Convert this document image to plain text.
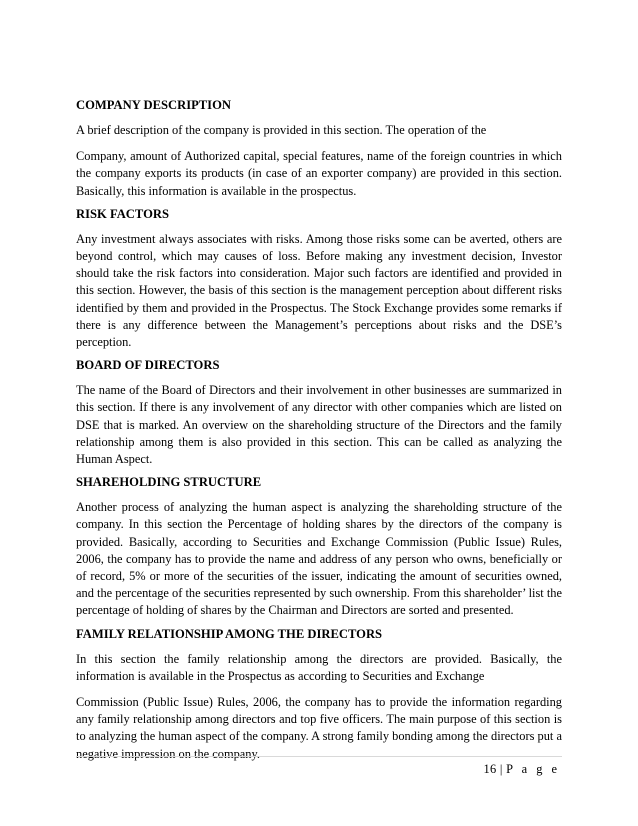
COMPANY DESCRIPTION

A brief description of the company is provided in this section. The operation of the

Company, amount of Authorized capital, special features, name of the foreign countries in which the company exports its products (in case of an exporter company) are provided in this section. Basically, this information is available in the prospectus.

RISK FACTORS

Any investment always associates with risks. Among those risks some can be averted, others are beyond control, which may causes of loss. Before making any investment decision, Investor should take the risk factors into consideration. Major such factors are identified and provided in this section. However, the basis of this section is the management perception about different risks identified by them and provided in the Prospectus. The Stock Exchange provides some remarks if there is any difference between the Management’s perceptions about risks and the DSE’s perception.

BOARD OF DIRECTORS

The name of the Board of Directors and their involvement in other businesses are summarized in this section. If there is any involvement of any director with other companies which are listed on DSE that is marked. An overview on the shareholding structure of the Directors and the family relationship among them is also provided in this section. This can be called as analyzing the Human Aspect.

SHAREHOLDING STRUCTURE

Another process of analyzing the human aspect is analyzing the shareholding structure of the company. In this section the Percentage of holding shares by the directors of the company is provided. Basically, according to Securities and Exchange Commission (Public Issue) Rules, 2006, the company has to provide the name and address of any person who owns, beneficially or of record, 5% or more of the securities of the issuer, indicating the amount of securities owned, and the percentage of the securities represented by such ownership. From this shareholder’ list the percentage of holding of shares by the Chairman and Directors are sorted and presented.

FAMILY RELATIONSHIP AMONG THE DIRECTORS

In this section the family relationship among the directors are provided. Basically, the information is available in the Prospectus as according to Securities and Exchange

Commission (Public Issue) Rules, 2006, the company has to provide the information regarding any family relationship among directors and top five officers. The main purpose of this section is to analyzing the human aspect of the company. A strong family bonding among the directors put a negative impression on the company.

16 | P a g e
